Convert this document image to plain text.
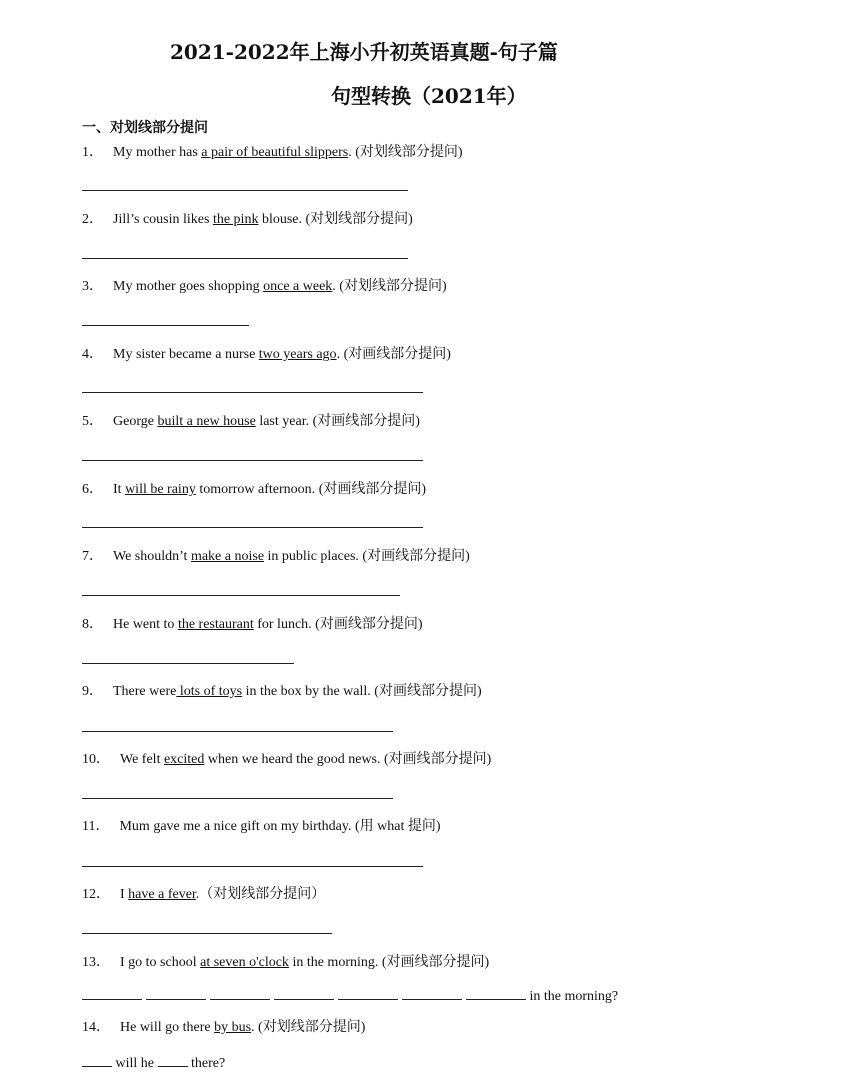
2021-2022年上海小升初英语真题-句子篇
句型转换（2021年）
一、对划线部分提问
1． My mother has a pair of beautiful slippers. (对划线部分提问)
2． Jill’s cousin likes the pink blouse. (对划线部分提问)
3． My mother goes shopping once a week. (对划线部分提问)
4． My sister became a nurse two years ago. (对画线部分提问)
5． George built a new house last year. (对画线部分提问)
6． It will be rainy tomorrow afternoon. (对画线部分提问)
7． We shouldn’t make a noise in public places. (对画线部分提问)
8． He went to the restaurant for lunch. (对画线部分提问)
9． There were lots of toys in the box by the wall. (对画线部分提问)
10． We felt excited when we heard the good news. (对画线部分提问)
11． Mum gave me a nice gift on my birthday. (用 what 提问)
12． I have a fever.（对划线部分提问）
13． I go to school at seven o'clock in the morning. (对画线部分提问)
in the morning?
14． He will go there by bus. (对划线部分提问)
will he  there?
